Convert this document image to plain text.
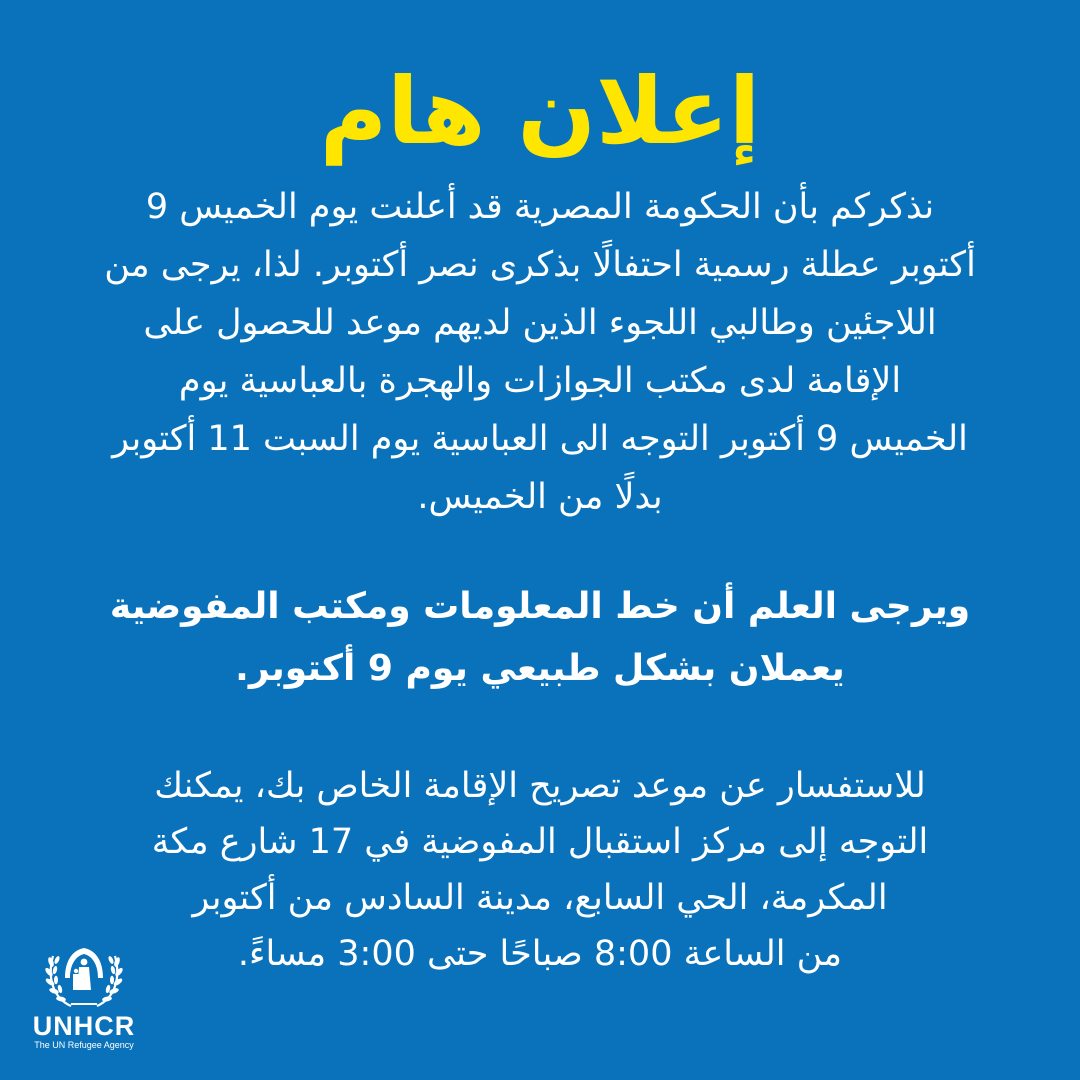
إعلان هام

نذكركم بأن الحكومة المصرية قد أعلنت يوم الخميس 9
أكتوبر عطلة رسمية احتفالًا بذكرى نصر أكتوبر. لذا، يرجى من
اللاجئين وطالبي اللجوء الذين لديهم موعد للحصول على
الإقامة لدى مكتب الجوازات والهجرة بالعباسية يوم
الخميس 9 أكتوبر التوجه الى العباسية يوم السبت 11 أكتوبر
بدلًا من الخميس.

ويرجى العلم أن خط المعلومات ومكتب المفوضية
يعملان بشكل طبيعي يوم 9 أكتوبر.

للاستفسار عن موعد تصريح الإقامة الخاص بك، يمكنك
التوجه إلى مركز استقبال المفوضية في 17 شارع مكة
المكرمة، الحي السابع، مدينة السادس من أكتوبر
من الساعة 8:00 صباحًا حتى 3:00 مساءً.

UNHCR
The UN Refugee Agency
